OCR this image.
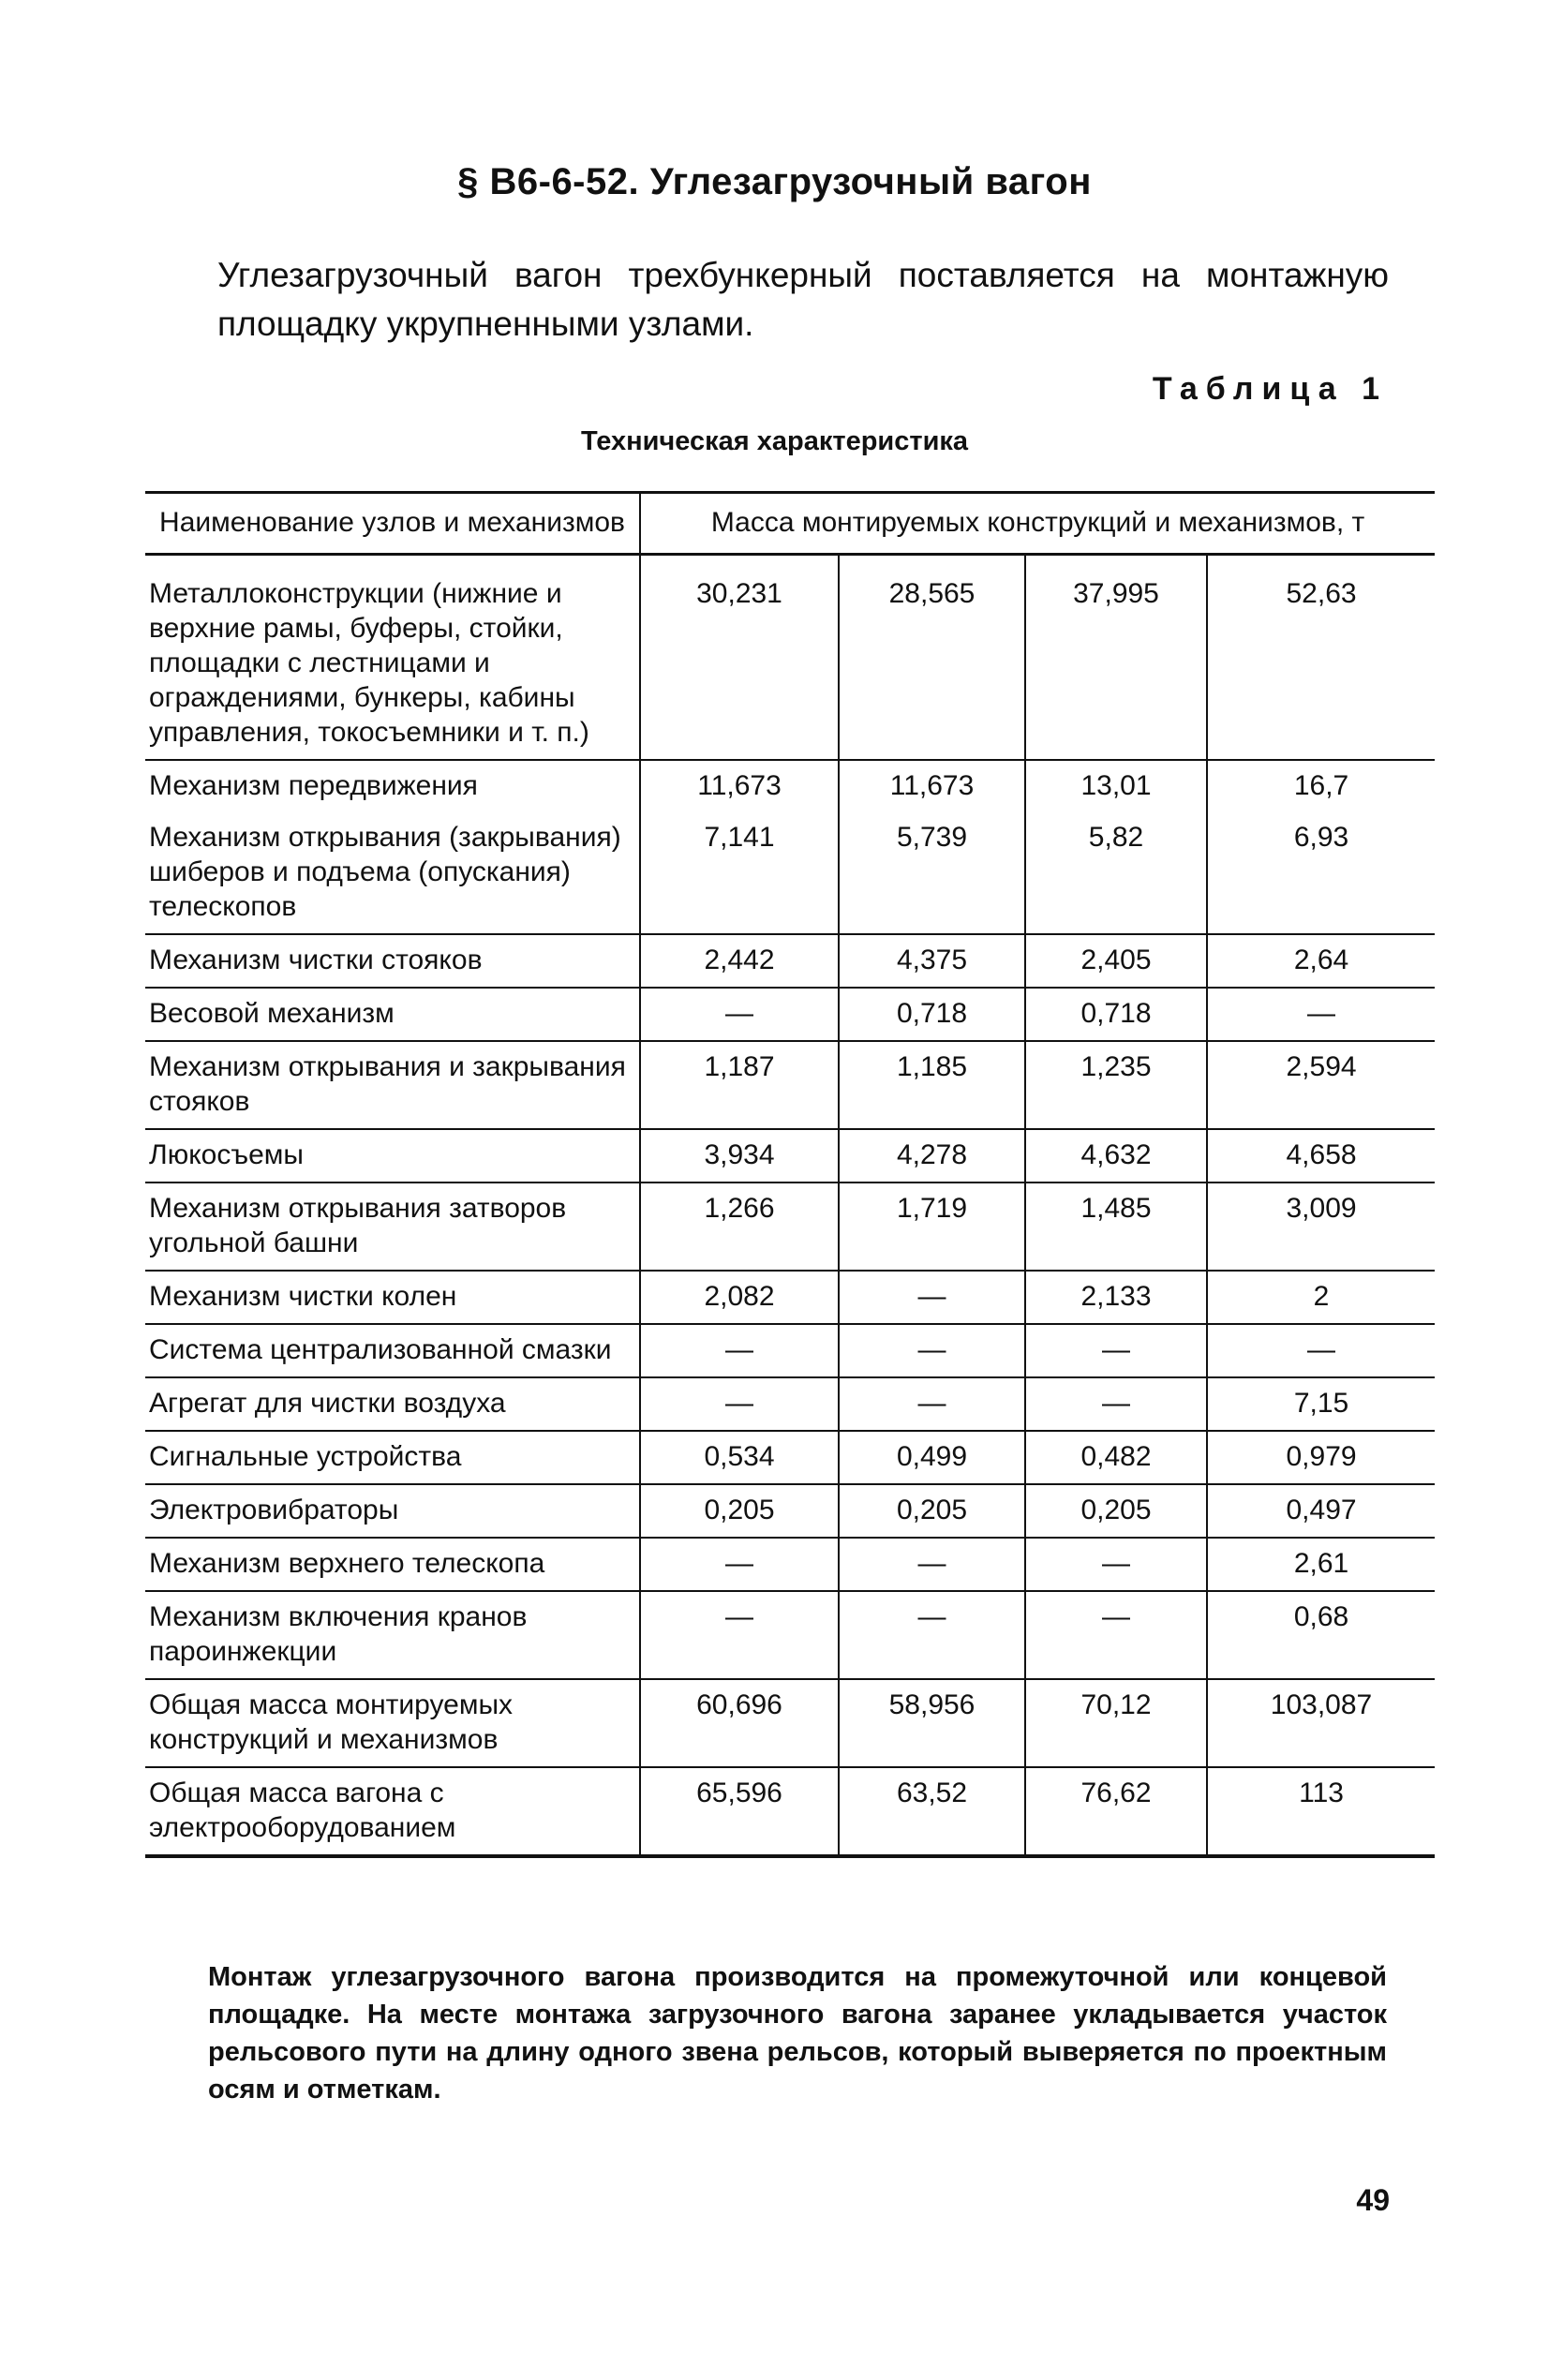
§ В6-6-52. Углезагрузочный вагон
Углезагрузочный вагон трехбункерный поставляется на монтажную площадку укрупненными узлами.
Таблица 1
Техническая характеристика
Наименование узлов и механизмов	Масса монтируемых конструкций и механизмов, т			

Металлоконструкции (нижние и верхние рамы, буферы, стойки, площадки с лестницами и ограждениями, бункеры, кабины управления, токосъемники и т. п.)	30,231	28,565	37,995	52,63
Механизм передвижения	11,673	11,673	13,01	16,7
Механизм открывания (закрывания) шиберов и подъема (опускания) телескопов	7,141	5,739	5,82	6,93
Механизм чистки стояков	2,442	4,375	2,405	2,64
Весовой механизм	—	0,718	0,718	—
Механизм открывания и закрывания стояков	1,187	1,185	1,235	2,594
Люкосъемы	3,934	4,278	4,632	4,658
Механизм открывания затворов угольной башни	1,266	1,719	1,485	3,009
Механизм чистки колен	2,082	—	2,133	2
Система централизованной смазки	—	—	—	—
Агрегат для чистки воздуха	—	—	—	7,15
Сигнальные устройства	0,534	0,499	0,482	0,979
Электровибраторы	0,205	0,205	0,205	0,497
Механизм верхнего телескопа	—	—	—	2,61
Механизм включения кранов пароинжекции	—	—	—	0,68
Общая масса монтируемых конструкций и механизмов	60,696	58,956	70,12	103,087
Общая масса вагона с электрооборудованием	65,596	63,52	76,62	113
Монтаж углезагрузочного вагона производится на промежуточной или концевой площадке. На месте монтажа загрузочного вагона заранее укладывается участок рельсового пути на длину одного звена рельсов, который выверяется по проектным осям и отметкам.
49
